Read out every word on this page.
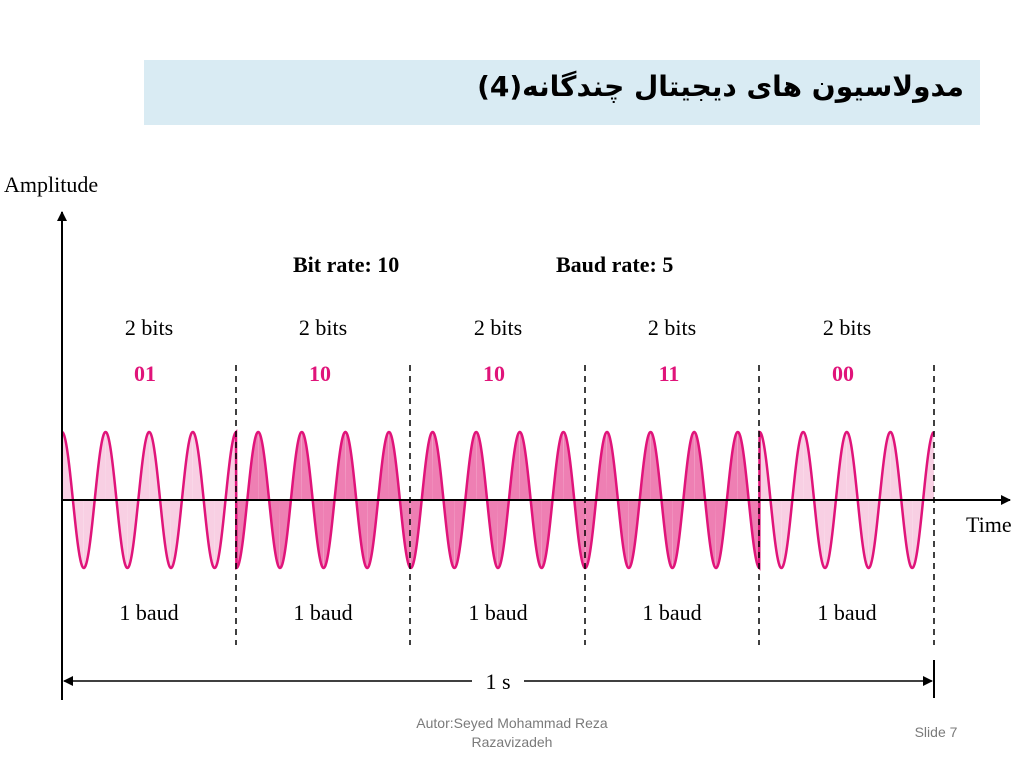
مدولاسیون های دیجیتال چندگانه(4)
Amplitude
Time
Bit rate: 10	Baud rate: 5
2 bits	2 bits	2 bits	2 bits	2 bits
01	10	10	11	00
1 baud	1 baud	1 baud	1 baud	1 baud
1 s
Autor:Seyed Mohammad Reza
Razavizadeh
Slide 7
